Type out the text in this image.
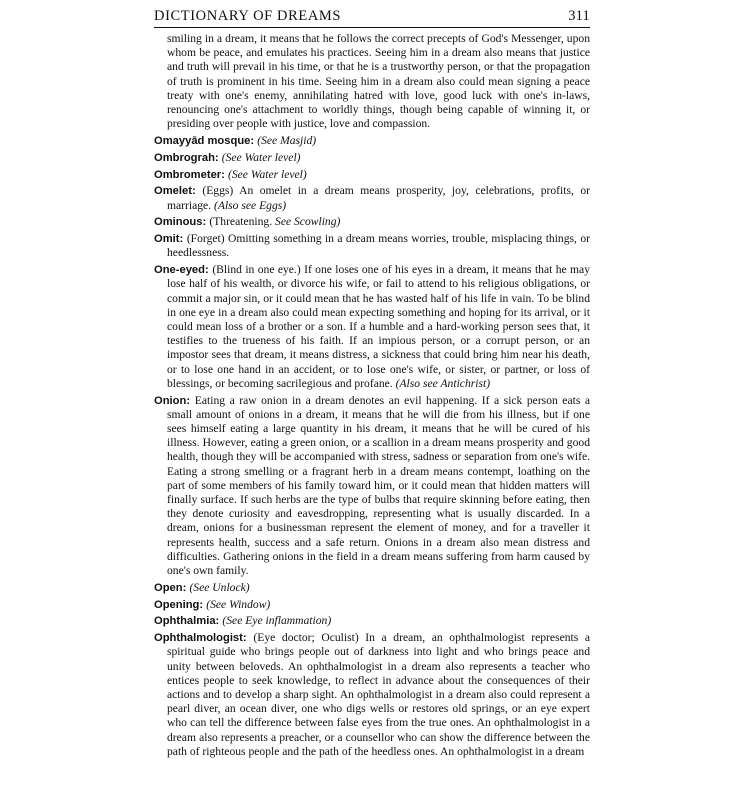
DICTIONARY OF DREAMS	311

smiling in a dream, it means that he follows the correct precepts of God's Messenger, upon whom be peace, and emulates his practices. Seeing him in a dream also means that justice and truth will prevail in his time, or that he is a trustworthy person, or that the propagation of truth is prominent in his time. Seeing him in a dream also could mean signing a peace treaty with one's enemy, annihilating hatred with love, good luck with one's in-laws, renouncing one's attachment to worldly things, though being capable of winning it, or presiding over people with justice, love and compassion.

Omayyād mosque: (See Masjid)

Ombrograh: (See Water level)

Ombrometer: (See Water level)

Omelet: (Eggs) An omelet in a dream means prosperity, joy, celebrations, profits, or marriage. (Also see Eggs)

Ominous: (Threatening. See Scowling)

Omit: (Forget) Omitting something in a dream means worries, trouble, misplacing things, or heedlessness.

One-eyed: (Blind in one eye.) If one loses one of his eyes in a dream, it means that he may lose half of his wealth, or divorce his wife, or fail to attend to his religious obligations, or commit a major sin, or it could mean that he has wasted half of his life in vain. To be blind in one eye in a dream also could mean expecting something and hoping for its arrival, or it could mean loss of a brother or a son. If a humble and a hard-working person sees that, it testifies to the trueness of his faith. If an impious person, or a corrupt person, or an impostor sees that dream, it means distress, a sickness that could bring him near his death, or to lose one hand in an accident, or to lose one's wife, or sister, or partner, or loss of blessings, or becoming sacrilegious and profane. (Also see Antichrist)

Onion: Eating a raw onion in a dream denotes an evil happening. If a sick person eats a small amount of onions in a dream, it means that he will die from his illness, but if one sees himself eating a large quantity in his dream, it means that he will be cured of his illness. However, eating a green onion, or a scallion in a dream means prosperity and good health, though they will be accompanied with stress, sadness or separation from one's wife. Eating a strong smelling or a fragrant herb in a dream means contempt, loathing on the part of some members of his family toward him, or it could mean that hidden matters will finally surface. If such herbs are the type of bulbs that require skinning before eating, then they denote curiosity and eavesdropping, representing what is usually discarded. In a dream, onions for a businessman represent the element of money, and for a traveller it represents health, success and a safe return. Onions in a dream also mean distress and difficulties. Gathering onions in the field in a dream means suffering from harm caused by one's own family.

Open: (See Unlock)

Opening: (See Window)

Ophthalmia: (See Eye inflammation)

Ophthalmologist: (Eye doctor; Oculist) In a dream, an ophthalmologist represents a spiritual guide who brings people out of darkness into light and who brings peace and unity between beloveds. An ophthalmologist in a dream also represents a teacher who entices people to seek knowledge, to reflect in advance about the consequences of their actions and to develop a sharp sight. An ophthalmologist in a dream also could represent a pearl diver, an ocean diver, one who digs wells or restores old springs, or an eye expert who can tell the difference between false eyes from the true ones. An ophthalmologist in a dream also represents a preacher, or a counsellor who can show the difference between the path of righteous people and the path of the heedless ones. An ophthalmologist in a dream
